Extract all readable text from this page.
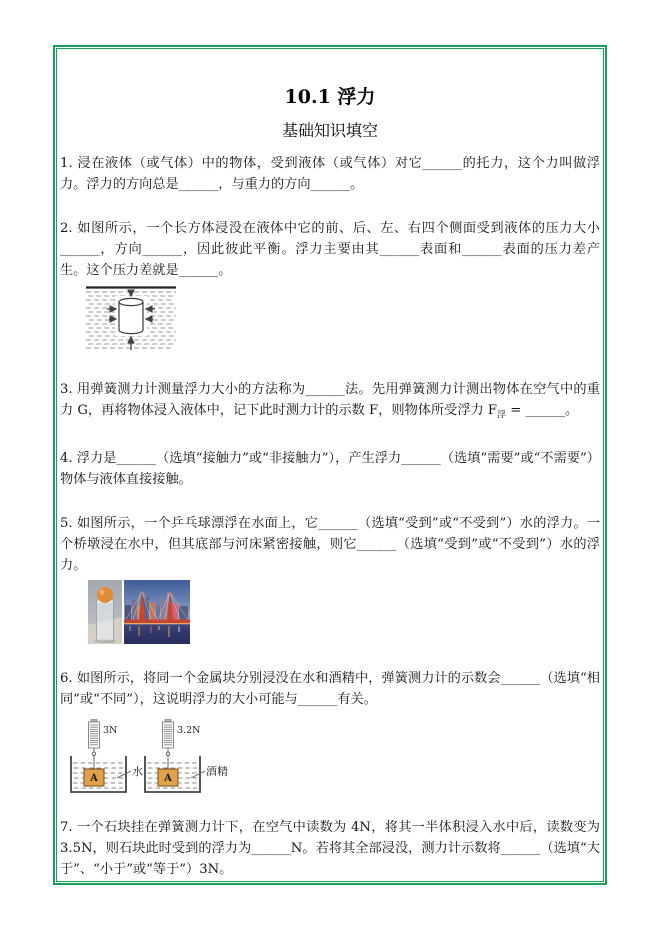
10.1 浮力
基础知识填空

1. 浸在液体（或气体）中的物体，受到液体（或气体）对它______的托力，这个力叫做浮力。浮力的方向总是______，与重力的方向______。

2. 如图所示，一个长方体浸没在液体中它的前、后、左、右四个侧面受到液体的压力大小______，方向______，因此彼此平衡。浮力主要由其______表面和______表面的压力差产生。这个压力差就是______。

3. 用弹簧测力计测量浮力大小的方法称为______法。先用弹簧测力计测出物体在空气中的重力 G，再将物体浸入液体中，记下此时测力计的示数 F，则物体所受浮力 $F_浮$ = ______。

4. 浮力是______（选填“接触力”或“非接触力”），产生浮力______（选填“需要”或“不需要”）物体与液体直接接触。

5. 如图所示，一个乒乓球漂浮在水面上，它______（选填“受到”或“不受到”）水的浮力。一个桥墩浸在水中，但其底部与河床紧密接触，则它______（选填“受到”或“不受到”）水的浮力。

6. 如图所示，将同一个金属块分别浸没在水和酒精中，弹簧测力计的示数会______（选填“相同”或“不同”），这说明浮力的大小可能与______有关。

A
3N
水
A
3.2N
酒精

7. 一个石块挂在弹簧测力计下，在空气中读数为 4N，将其一半体积浸入水中后，读数变为 3.5N，则石块此时受到的浮力为______N。若将其全部浸没，测力计示数将______（选填“大于”、“小于”或“等于”）3N。
